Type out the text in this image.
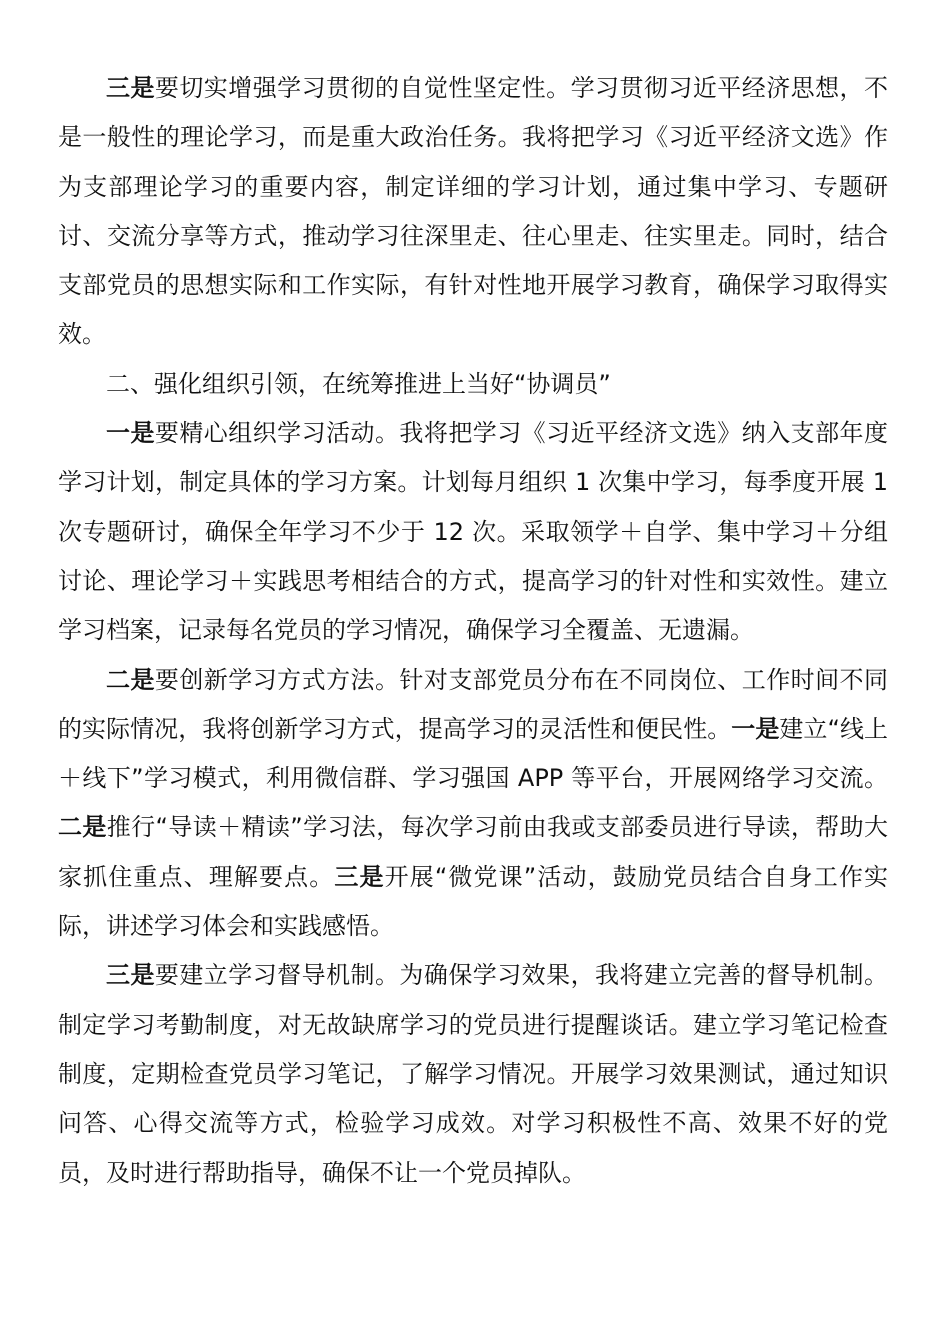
三是要切实增强学习贯彻的自觉性坚定性。学习贯彻习近平经济思想，不是一般性的理论学习，而是重大政治任务。我将把学习《习近平经济文选》作为支部理论学习的重要内容，制定详细的学习计划，通过集中学习、专题研讨、交流分享等方式，推动学习往深里走、往心里走、往实里走。同时，结合支部党员的思想实际和工作实际，有针对性地开展学习教育，确保学习取得实效。

二、强化组织引领，在统筹推进上当好“协调员”

一是要精心组织学习活动。我将把学习《习近平经济文选》纳入支部年度学习计划，制定具体的学习方案。计划每月组织 1 次集中学习，每季度开展 1 次专题研讨，确保全年学习不少于 12 次。采取领学＋自学、集中学习＋分组讨论、理论学习＋实践思考相结合的方式，提高学习的针对性和实效性。建立学习档案，记录每名党员的学习情况，确保学习全覆盖、无遗漏。

二是要创新学习方式方法。针对支部党员分布在不同岗位、工作时间不同的实际情况，我将创新学习方式，提高学习的灵活性和便民性。一是建立“线上＋线下”学习模式，利用微信群、学习强国 APP 等平台，开展网络学习交流。二是推行“导读＋精读”学习法，每次学习前由我或支部委员进行导读，帮助大家抓住重点、理解要点。三是开展“微党课”活动，鼓励党员结合自身工作实际，讲述学习体会和实践感悟。

三是要建立学习督导机制。为确保学习效果，我将建立完善的督导机制。制定学习考勤制度，对无故缺席学习的党员进行提醒谈话。建立学习笔记检查制度，定期检查党员学习笔记，了解学习情况。开展学习效果测试，通过知识问答、心得交流等方式，检验学习成效。对学习积极性不高、效果不好的党员，及时进行帮助指导，确保不让一个党员掉队。
